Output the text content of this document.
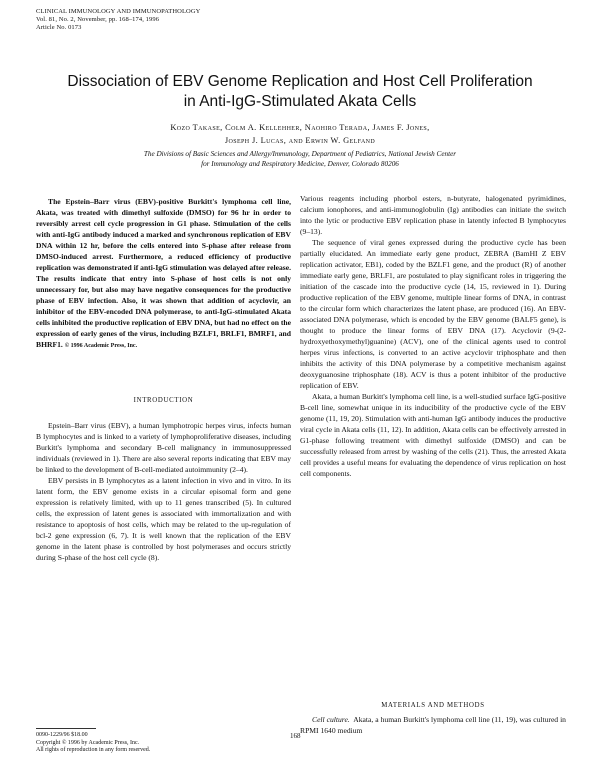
CLINICAL IMMUNOLOGY AND IMMUNOPATHOLOGY
Vol. 81, No. 2, November, pp. 168–174, 1996
Article No. 0173
Dissociation of EBV Genome Replication and Host Cell Proliferation
in Anti-IgG-Stimulated Akata Cells
Kozo Takase, Colm A. Kellehher, Naohiro Terada, James F. Jones,
Joseph J. Lucas, and Erwin W. Gelfand
The Divisions of Basic Sciences and Allergy/Immunology, Department of Pediatrics, National Jewish Center
for Immunology and Respiratory Medicine, Denver, Colorado 80206
The Epstein–Barr virus (EBV)-positive Burkitt's lymphoma cell line, Akata, was treated with dimethyl sulfoxide (DMSO) for 96 hr in order to reversibly arrest cell cycle progression in G1 phase. Stimulation of the cells with anti-IgG antibody induced a marked and synchronous replication of EBV DNA within 12 hr, before the cells entered into S-phase after release from DMSO-induced arrest. Furthermore, a reduced efficiency of productive replication was demonstrated if anti-IgG stimulation was delayed after release. The results indicate that entry into S-phase of host cells is not only unnecessary for, but also may have negative consequences for the productive phase of EBV infection. Also, it was shown that addition of acyclovir, an inhibitor of the EBV-encoded DNA polymerase, to anti-IgG-stimulated Akata cells inhibited the productive replication of EBV DNA, but had no effect on the expression of early genes of the virus, including BZLF1, BRLF1, BMRF1, and BHRF1. © 1996 Academic Press, Inc.
INTRODUCTION

Epstein–Barr virus (EBV), a human lymphotropic herpes virus, infects human B lymphocytes and is linked to a variety of lymphoproliferative diseases, including Burkitt's lymphoma and secondary B-cell malignancy in immunosuppressed individuals (reviewed in 1). There are also several reports indicating that EBV may be linked to the development of B-cell-mediated autoimmunity (2–4).

EBV persists in B lymphocytes as a latent infection in vivo and in vitro. In its latent form, the EBV genome exists in a circular episomal form and gene expression is relatively limited, with up to 11 genes transcribed (5). In cultured cells, the expression of latent genes is associated with immortalization and with resistance to apoptosis of host cells, which may be related to the up-regulation of bcl-2 gene expression (6, 7). It is well known that the replication of the EBV genome in the latent phase is controlled by host polymerases and occurs strictly during S-phase of the host cell cycle (8).

Various reagents including phorbol esters, n-butyrate, halogenated pyrimidines, calcium ionophores, and anti-immunoglobulin (Ig) antibodies can initiate the switch into the lytic or productive EBV replication phase in latently infected B lymphocytes (9–13).

The sequence of viral genes expressed during the productive cycle has been partially elucidated. An immediate early gene product, ZEBRA (BamHI Z EBV replication activator, EB1), coded by the BZLF1 gene, and the product (R) of another immediate early gene, BRLF1, are postulated to play significant roles in triggering the initiation of the cascade into the productive cycle (14, 15, reviewed in 1). During productive replication of the EBV genome, multiple linear forms of DNA, in contrast to the circular form which characterizes the latent phase, are produced (16). An EBV-associated DNA polymerase, which is encoded by the EBV genome (BALF5 gene), is thought to produce the linear forms of EBV DNA (17). Acyclovir (9-(2-hydroxyethoxymethyl)guanine) (ACV), one of the clinical agents used to control herpes virus infections, is converted to an active acyclovir triphosphate and then inhibits the activity of this DNA polymerase by a competitive mechanism against deoxyguanosine triphosphate (18). ACV is thus a potent inhibitor of the productive replication of EBV.

Akata, a human Burkitt's lymphoma cell line, is a well-studied surface IgG-positive B-cell line, somewhat unique in its inducibility of the productive cycle of the EBV genome (11, 19, 20). Stimulation with anti-human IgG antibody induces the productive viral cycle in Akata cells (11, 12). In addition, Akata cells can be effectively arrested in G1-phase following treatment with dimethyl sulfoxide (DMSO) and can be successfully released from arrest by washing of the cells (21). Thus, the arrested Akata cell provides a useful means for evaluating the dependence of virus replication on host cell components.

MATERIALS AND METHODS

Cell culture. Akata, a human Burkitt's lymphoma cell line (11, 19), was cultured in RPMI 1640 medium

0090-1229/96 $18.00
Copyright © 1996 by Academic Press, Inc.
All rights of reproduction in any form reserved.
168
